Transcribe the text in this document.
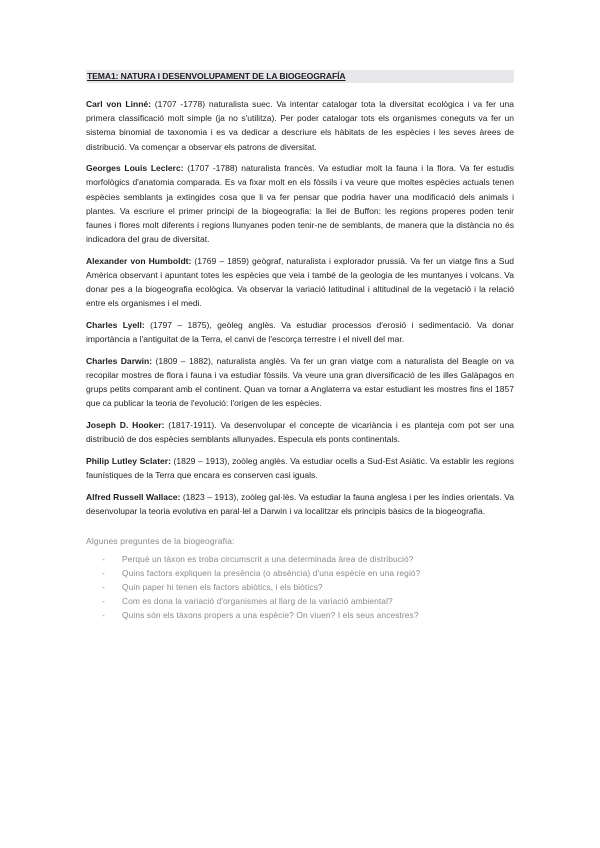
TEMA1: NATURA I DESENVOLUPAMENT DE LA BIOGEOGRAFÍA

Carl von Linné: (1707 -1778) naturalista suec. Va intentar catalogar tota la diversitat ecològica i va fer una primera classificació molt simple (ja no s'utilitza). Per poder catalogar tots els organismes coneguts va fer un sistema binomial de taxonomia i es va dedicar a descriure els hàbitats de les espècies i les seves àrees de distribució. Va començar a observar els patrons de diversitat.

Georges Louis Leclerc: (1707 -1788) naturalista francès. Va estudiar molt la fauna i la flora. Va fer estudis morfològics d'anatomia comparada. Es va fixar molt en els fòssils i va veure que moltes espècies actuals tenen espècies semblants ja extingides cosa que li va fer pensar que podria haver una modificació dels animals i plantes. Va escriure el primer principi de la biogeografia: la llei de Buffon: les regions properes poden tenir faunes i flores molt diferents i regions llunyanes poden tenir-ne de semblants, de manera que la distància no és indicadora del grau de diversitat.

Alexander von Humboldt: (1769 – 1859) geògraf, naturalista i explorador prussià. Va fer un viatge fins a Sud Amèrica observant i apuntant totes les espècies que veia i també de la geologia de les muntanyes i volcans. Va donar pes a la biogeografia ecològica. Va observar la variació latitudinal i altitudinal de la vegetació i la relació entre els organismes i el medi.

Charles Lyell: (1797 – 1875), geòleg anglès. Va estudiar processos d'erosió i sedimentació. Va donar importància a l'antiguitat de la Terra, el canvi de l'escorça terrestre i el nivell del mar.

Charles Darwin: (1809 – 1882), naturalista anglès. Va fer un gran viatge com a naturalista del Beagle on va recopilar mostres de flora i fauna i va estudiar fòssils. Va veure una gran diversificació de les illes Galàpagos en grups petits comparant amb el continent. Quan va tornar a Anglaterra va estar estudiant les mostres fins el 1857 que ca publicar la teoria de l'evolució: l'origen de les espècies.

Joseph D. Hooker: (1817-1911). Va desenvolupar el concepte de vicariància i es planteja com pot ser una distribució de dos espècies semblants allunyades. Especula els ponts continentals.

Philip Lutley Sclater: (1829 – 1913), zoòleg anglès. Va estudiar ocells a Sud-Est Asiàtic. Va establir les regions faunístiques de la Terra que encara es conserven casi iguals.

Alfred Russell Wallace: (1823 – 1913), zoòleg gal·lès. Va estudiar la fauna anglesa i per les índies orientals. Va desenvolupar la teoria evolutiva en paral·lel a Darwin i va localitzar els principis bàsics de la biogeografia.

Algunes preguntes de la biogeografia:
- Perquè un tàxon es troba circumscrit a una determinada àrea de distribució?
- Quins factors expliquen la presència (o absència) d'una espècie en una regió?
- Quin paper hi tenen els factors abiòtics, i els biòtics?
- Com es dona la variació d'organismes al llarg de la variació ambiental?
- Quins són els tàxons propers a una espècie? On viuen? I els seus ancestres?
